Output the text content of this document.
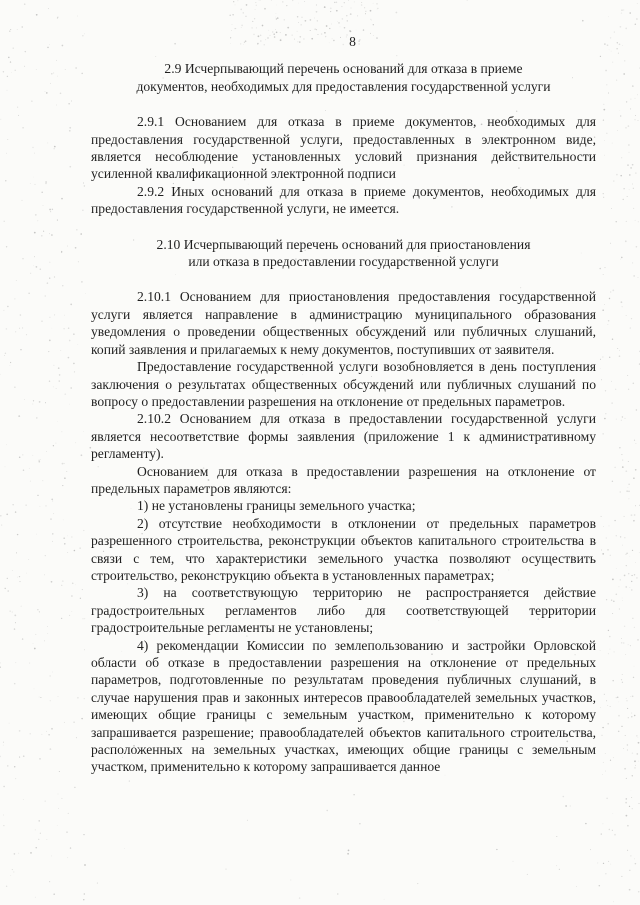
8
2.9 Исчерпывающий перечень оснований для отказа в приеме
документов, необходимых для предоставления государственной услуги

2.9.1 Основанием для отказа в приеме документов, необходимых для предоставления государственной услуги, предоставленных в электронном виде, является несоблюдение установленных условий признания действительности усиленной квалификационной электронной подписи

2.9.2 Иных оснований для отказа в приеме документов, необходимых для предоставления государственной услуги, не имеется.

2.10 Исчерпывающий перечень оснований для приостановления
или отказа в предоставлении государственной услуги

2.10.1 Основанием для приостановления предоставления государственной услуги является направление в администрацию муниципального образования уведомления о проведении общественных обсуждений или публичных слушаний, копий заявления и прилагаемых к нему документов, поступивших от заявителя.

Предоставление государственной услуги возобновляется в день поступления заключения о результатах общественных обсуждений или публичных слушаний по вопросу о предоставлении разрешения на отклонение от предельных параметров.

2.10.2 Основанием для отказа в предоставлении государственной услуги является несоответствие формы заявления (приложение 1 к административному регламенту).

Основанием для отказа в предоставлении разрешения на отклонение от предельных параметров являются:

1) не установлены границы земельного участка;

2) отсутствие необходимости в отклонении от предельных параметров разрешенного строительства, реконструкции объектов капитального строительства в связи с тем, что характеристики земельного участка позволяют осуществить строительство, реконструкцию объекта в установленных параметрах;

3) на соответствующую территорию не распространяется действие градостроительных регламентов либо для соответствующей территории градостроительные регламенты не установлены;

4) рекомендации Комиссии по землепользованию и застройки Орловской области об отказе в предоставлении разрешения на отклонение от предельных параметров, подготовленные по результатам проведения публичных слушаний, в случае нарушения прав и законных интересов правообладателей земельных участков, имеющих общие границы с земельным участком, применительно к которому запрашивается разрешение; правообладателей объектов капитального строительства, расположенных на земельных участках, имеющих общие границы с земельным участком, применительно к которому запрашивается данное
